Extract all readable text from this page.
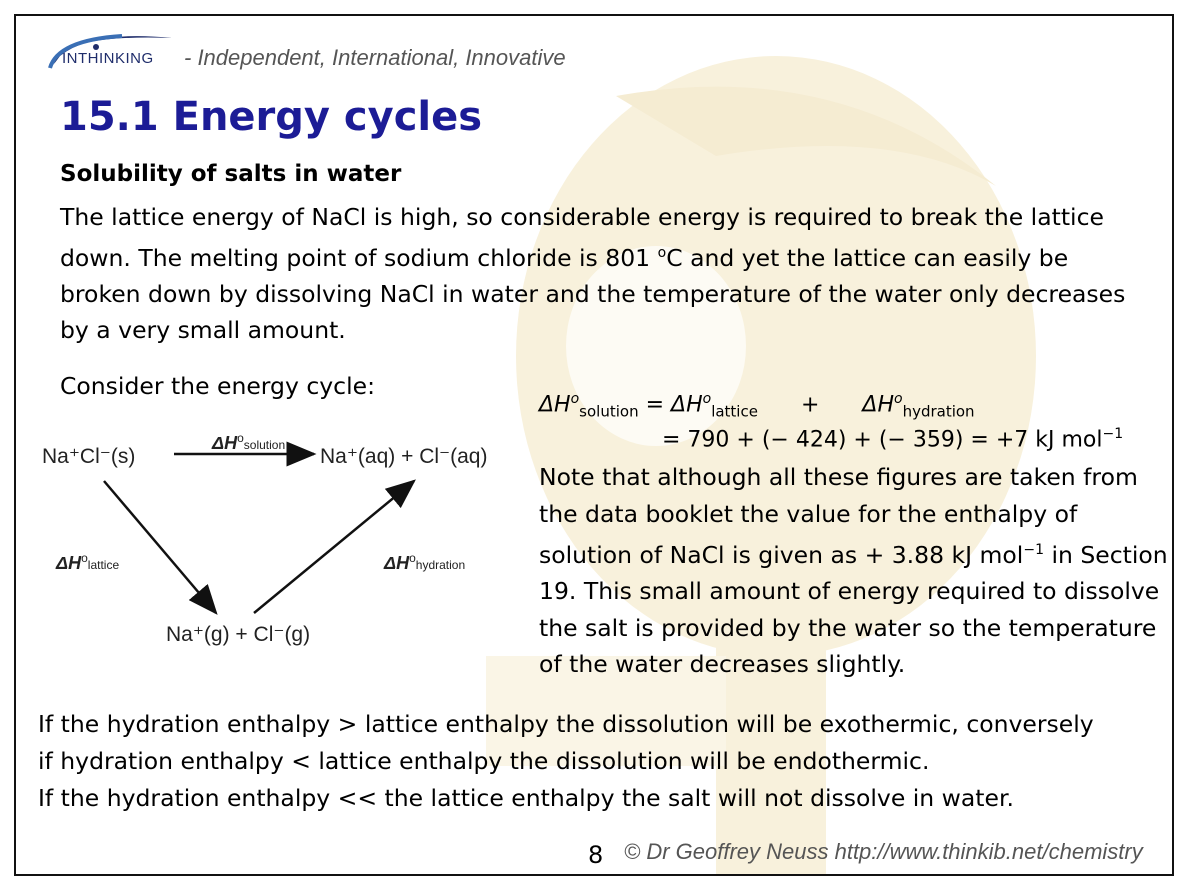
INTHINKING - Independent, International, Innovative
15.1 Energy cycles
Solubility of salts in water
The lattice energy of NaCl is high, so considerable energy is required to break the lattice
down. The melting point of sodium chloride is 801 $^o$C and yet the lattice can easily be
broken down by dissolving NaCl in water and the temperature of the water only decreases
by a very small amount.
Consider the energy cycle:
Na⁺Cl⁻(s)	Na⁺(aq) + Cl⁻(aq)
Na⁺(g) + Cl⁻(g)
$\Delta H^o_{solution}$
$\Delta H^o_{lattice}$	$\Delta H^o_{hydration}$
$\Delta H^o_{solution} = \Delta H^o_{lattice} + \Delta H^o_{hydration}$
= 790 + (− 424) + (− 359) = +7 kJ mol$^{-1}$
Note that although all these figures are taken from the data booklet the value for the enthalpy of solution of NaCl is given as + 3.88 kJ mol$^{-1}$ in Section 19. This small amount of energy required to dissolve the salt is provided by the water so the temperature of the water decreases slightly.
If the hydration enthalpy > lattice enthalpy the dissolution will be exothermic, conversely
if hydration enthalpy < lattice enthalpy the dissolution will be endothermic.
If the hydration enthalpy << the lattice enthalpy the salt will not dissolve in water.
8 © Dr Geoffrey Neuss http://www.thinkib.net/chemistry
